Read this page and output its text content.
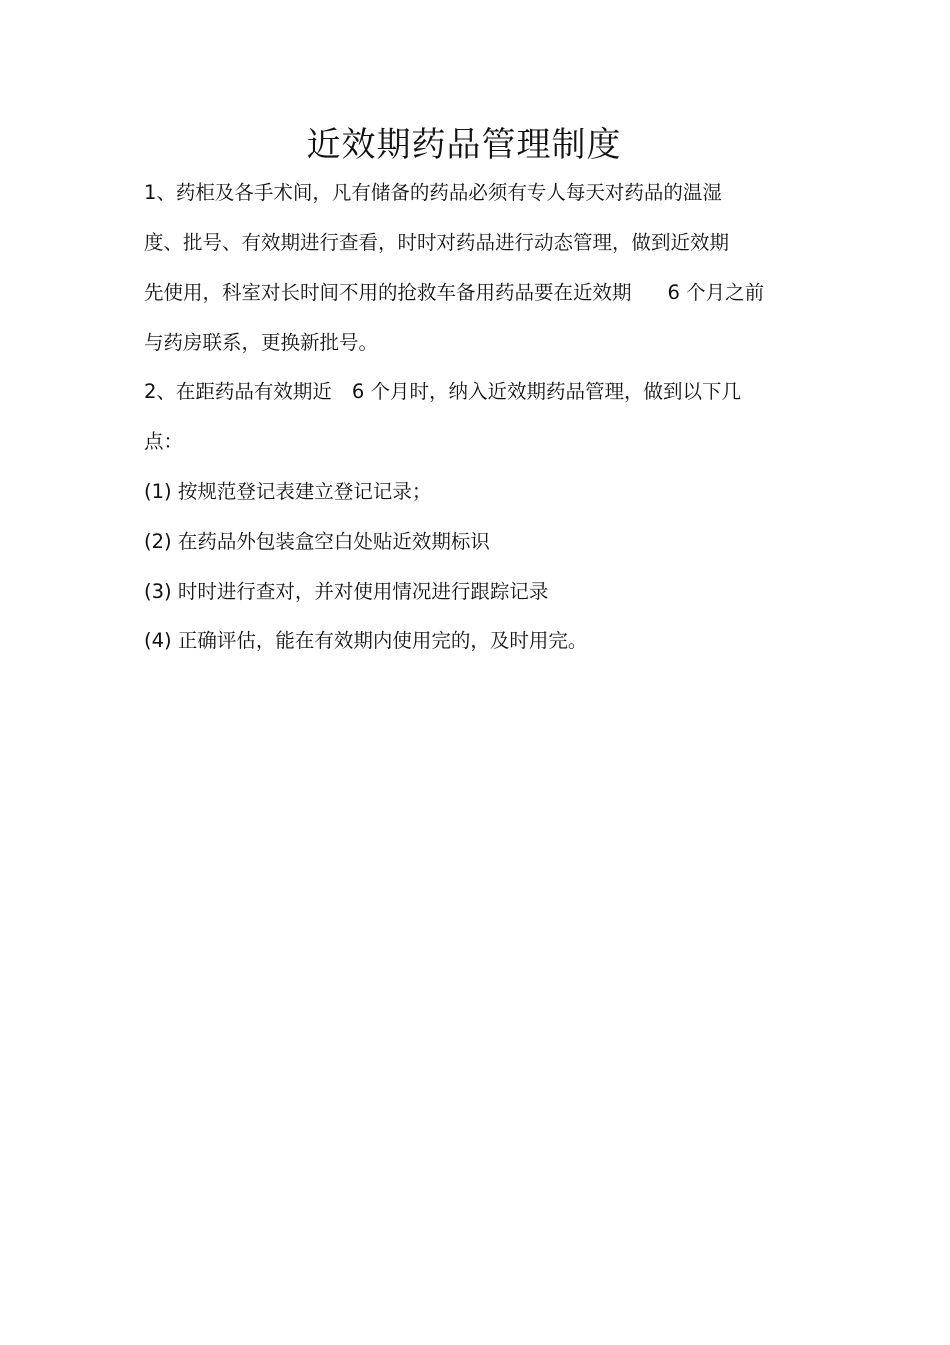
近效期药品管理制度
1、药柜及各手术间，凡有储备的药品必须有专人每天对药品的温湿
度、批号、有效期进行查看，时时对药品进行动态管理，做到近效期
先使用，科室对长时间不用的抢救车备用药品要在近效期 6 个月之前
与药房联系，更换新批号。
2、在距药品有效期近 6 个月时，纳入近效期药品管理，做到以下几
点：
(1) 按规范登记表建立登记记录；
(2) 在药品外包装盒空白处贴近效期标识
(3) 时时进行查对，并对使用情况进行跟踪记录
(4) 正确评估，能在有效期内使用完的，及时用完。
